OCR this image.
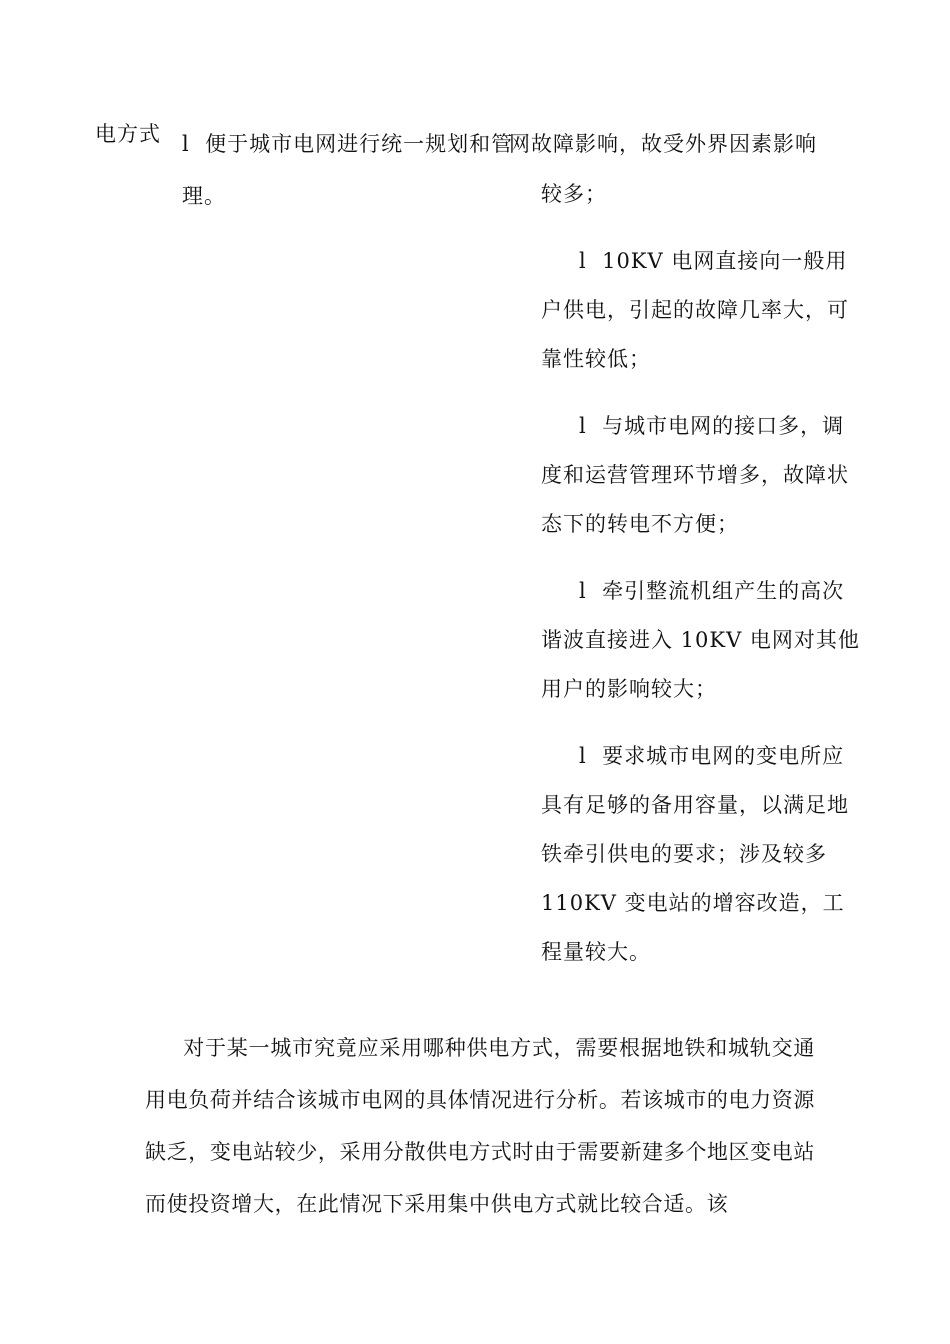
电方式 l 便于城市电网进行统一规划和管
理。
网故障影响，故受外界因素影响
较多；
l 10KV 电网直接向一般用户供电，引起的故障几率大，可靠性较低；
l 与城市电网的接口多，调度和运营管理环节增多，故障状态下的转电不方便；
l 牵引整流机组产生的高次谐波直接进入 10KV 电网对其他用户的影响较大；
l 要求城市电网的变电所应具有足够的备用容量，以满足地铁牵引供电的要求；涉及较多 110KV 变电站的增容改造，工程量较大。
对于某一城市究竟应采用哪种供电方式，需要根据地铁和城轨交通用电负荷并结合该城市电网的具体情况进行分析。若该城市的电力资源缺乏，变电站较少，采用分散供电方式时由于需要新建多个地区变电站而使投资增大，在此情况下采用集中供电方式就比较合适。该
